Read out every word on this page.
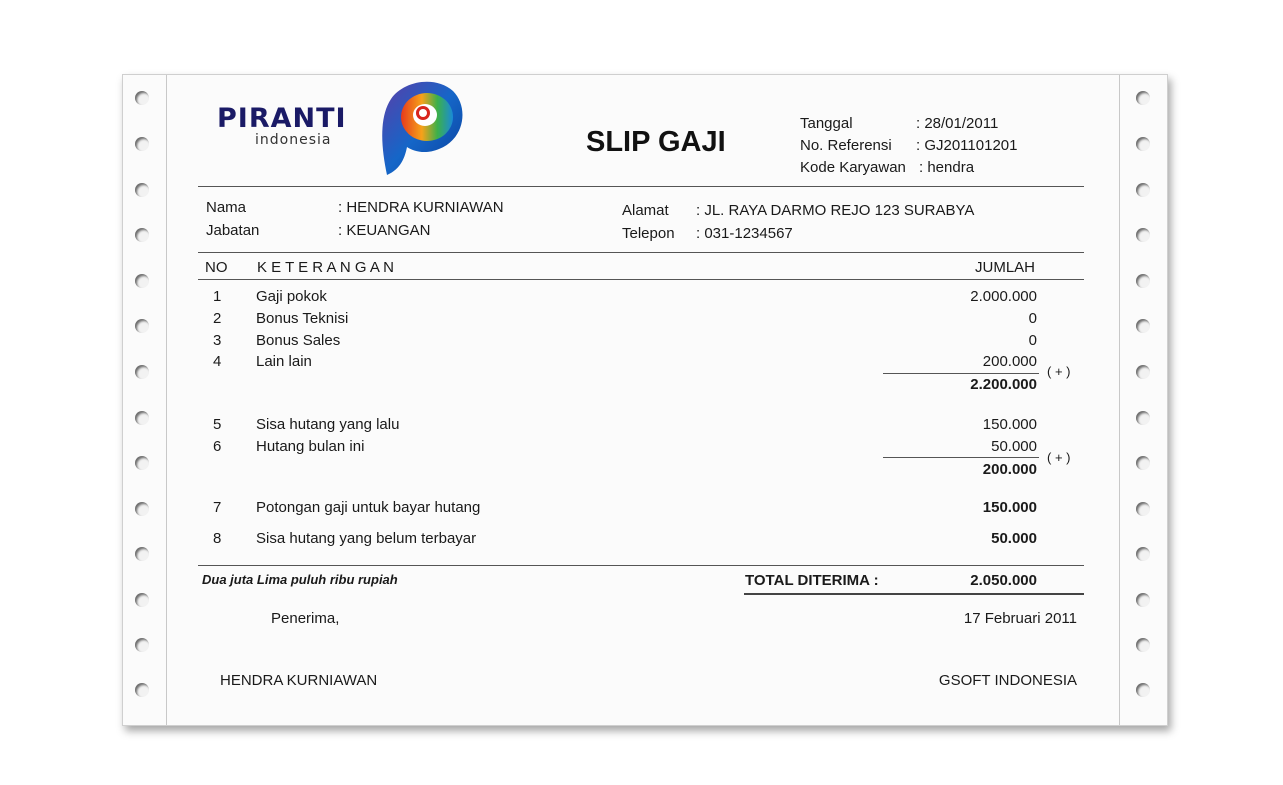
PIRANTI
indonesia	SLIP GAJI
Tanggal	: 28/01/2011
No. Referensi : GJ201101201
Kode Karyawan : hendra
Nama	: HENDRA KURNIAWAN
Jabatan	: KEUANGAN
Alamat : JL. RAYA DARMO REJO 123 SURABYA
Telepon : 031-1234567
NO K E T E R A N G A N	JUMLAH
1 Gaji pokok	2.000.000
2 Bonus Teknisi	0
3 Bonus Sales	0
4 Lain lain	200.000
2.200.000
( + )
5 Sisa hutang yang lalu	150.000
6 Hutang bulan ini	50.000
200.000
( + )
7 Potongan gaji untuk bayar hutang	150.000
8 Sisa hutang yang belum terbayar	50.000
Dua juta Lima puluh ribu rupiah	TOTAL DITERIMA :	2.050.000
Penerima,	17 Februari 2011
HENDRA KURNIAWAN	GSOFT INDONESIA
